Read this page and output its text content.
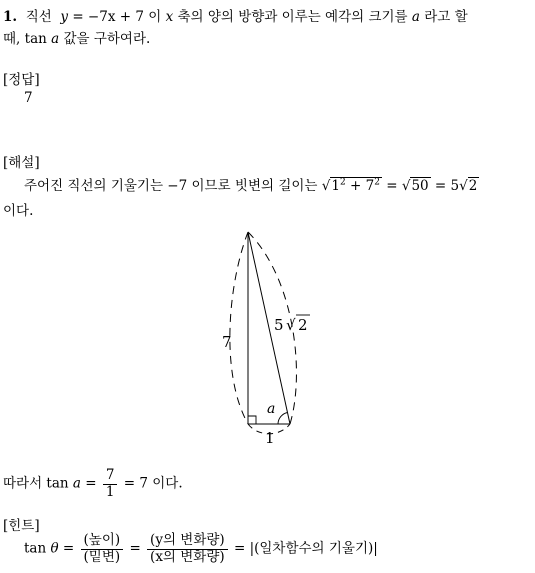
1. 직선 y = −7x + 7 이 x 축의 양의 방향과 이루는 예각의 크기를 a 라고 할
때, tan a 값을 구하여라.
[정답]
7
[해설]
주어진 직선의 기울기는 −7 이므로 빗변의 길이는 $√1^2 + 7^2 = √50 = 5√2$
이다.
7
5 √ 2
a
1
따라서 $\tan a = \frac{7}{1} = 7$ 이다.
[힌트]
$\tan \theta = \frac{\text{(높이)}}{\text{(밑변)}} = \frac{\text{(y의 변화량)}}{\text{(x의 변화량)}}$ = |(일차함수의 기울기)|
